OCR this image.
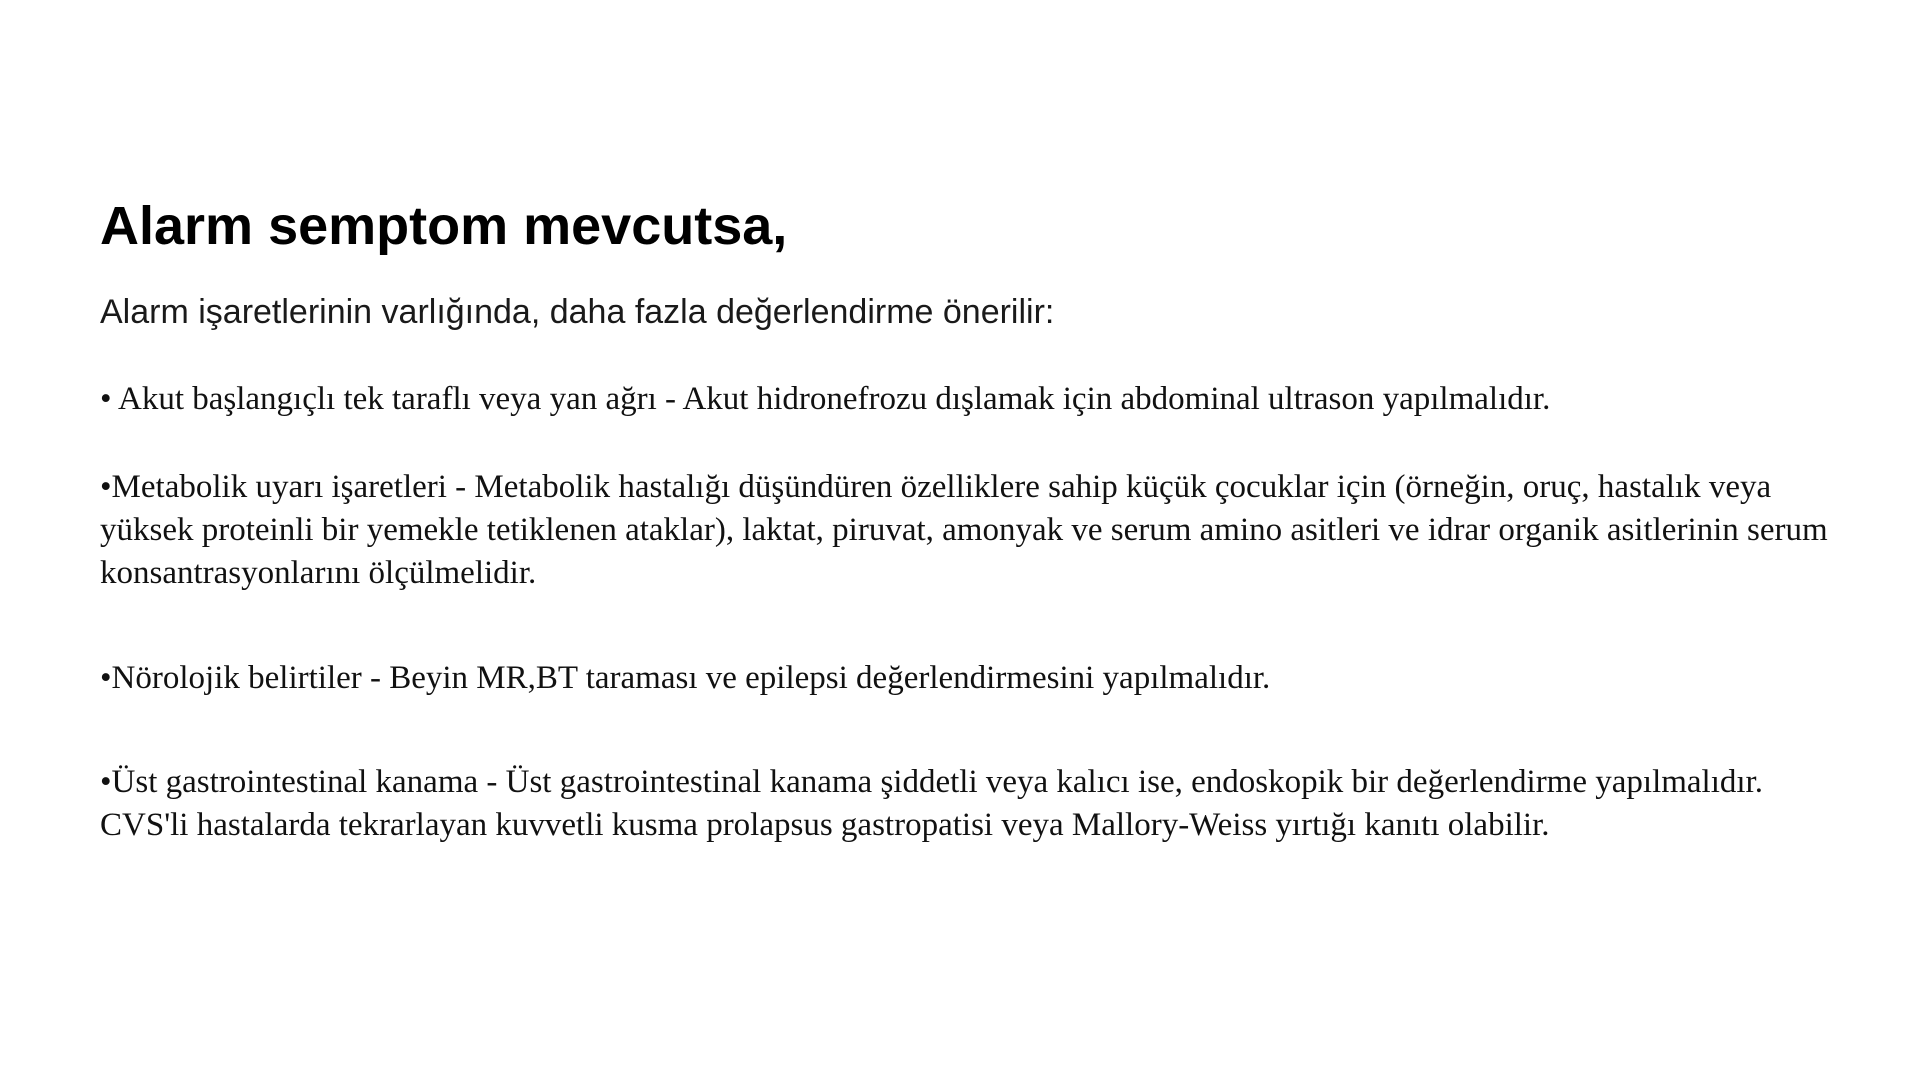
Alarm semptom mevcutsa,

Alarm işaretlerinin varlığında, daha fazla değerlendirme önerilir:

• Akut başlangıçlı tek taraflı veya yan ağrı - Akut hidronefrozu dışlamak için abdominal ultrason yapılmalıdır.

•Metabolik uyarı işaretleri - Metabolik hastalığı düşündüren özelliklere sahip küçük çocuklar için (örneğin, oruç, hastalık veya yüksek proteinli bir yemekle tetiklenen ataklar), laktat, piruvat, amonyak ve serum amino asitleri ve idrar organik asitlerinin serum konsantrasyonlarını ölçülmelidir.

•Nörolojik belirtiler - Beyin MR,BT taraması ve epilepsi değerlendirmesini yapılmalıdır.

•Üst gastrointestinal kanama - Üst gastrointestinal kanama şiddetli veya kalıcı ise, endoskopik bir değerlendirme yapılmalıdır. CVS'li hastalarda tekrarlayan kuvvetli kusma prolapsus gastropatisi veya Mallory-Weiss yırtığı kanıtı olabilir.
